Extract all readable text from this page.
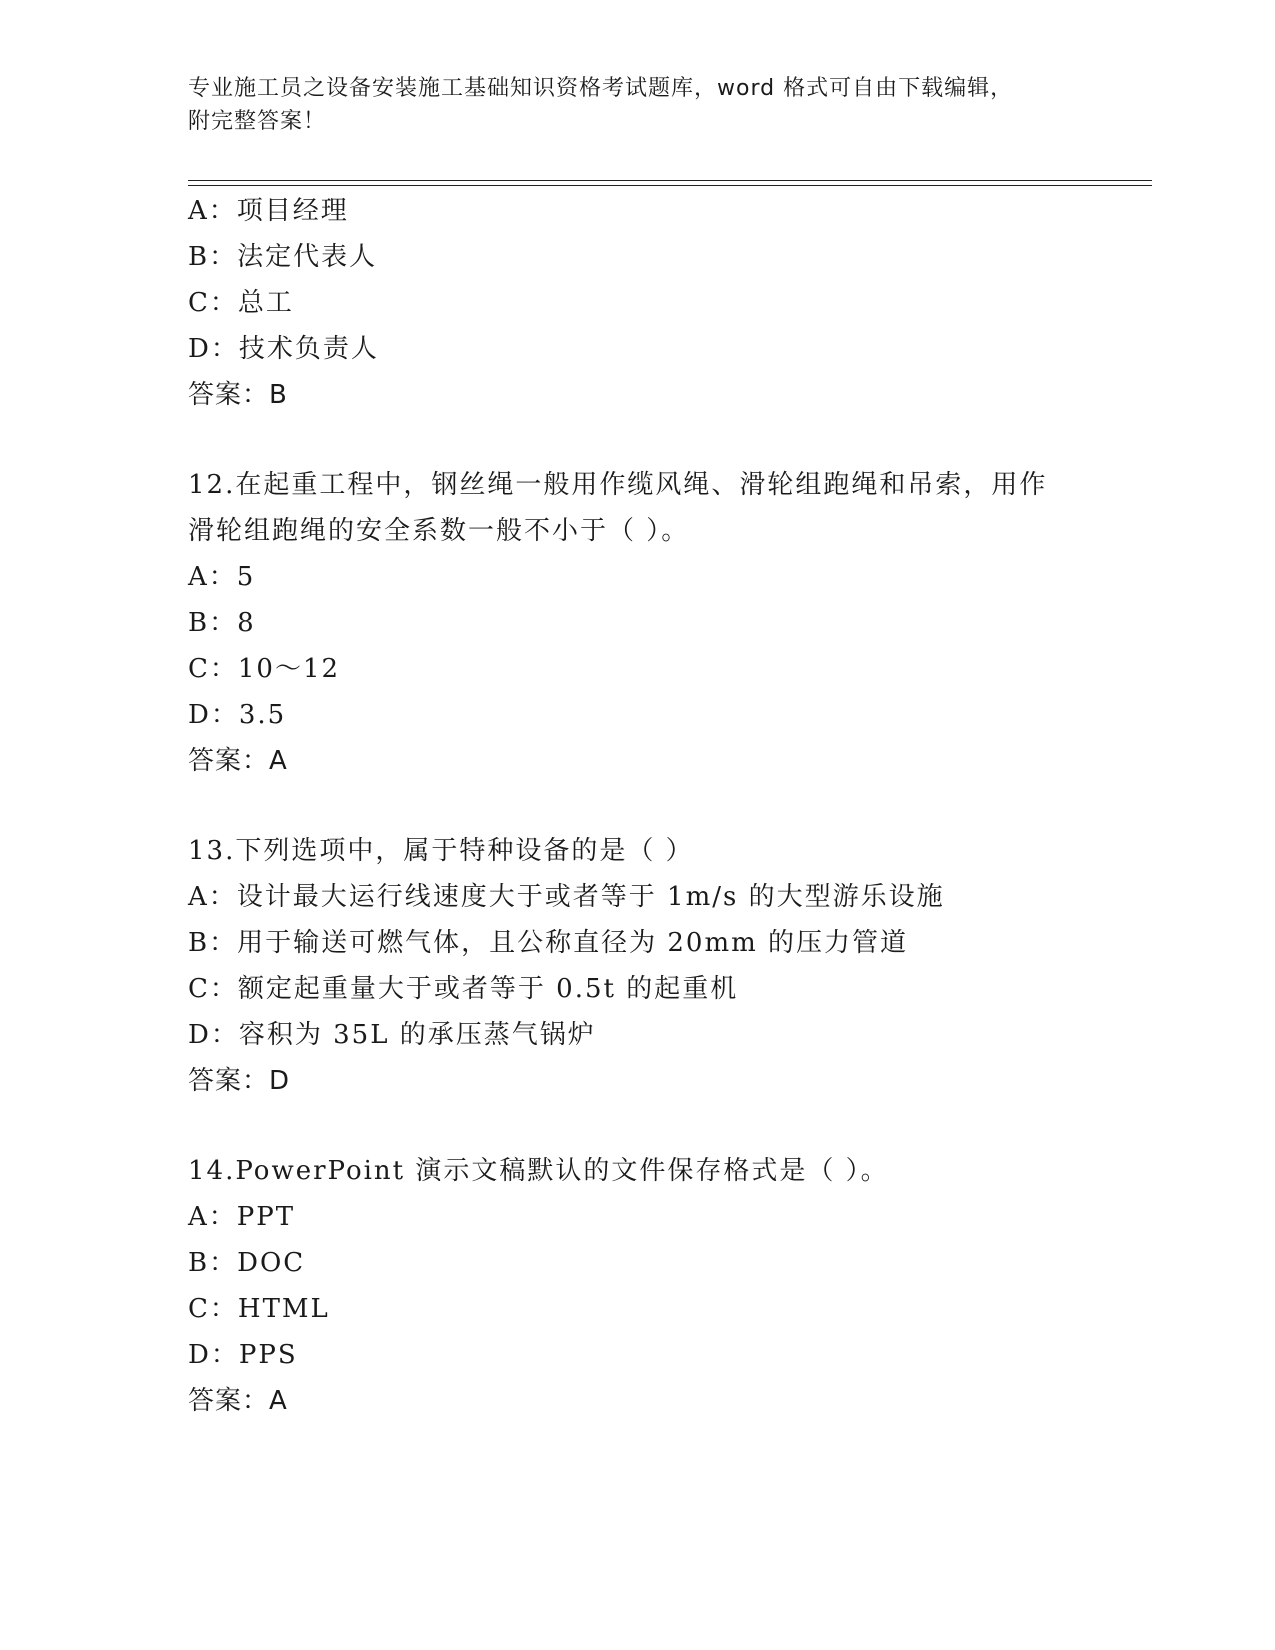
专业施工员之设备安装施工基础知识资格考试题库，word 格式可自由下载编辑，
附完整答案！
A：项目经理
B：法定代表人
C：总工
D：技术负责人
答案：B
12.在起重工程中，钢丝绳一般用作缆风绳、滑轮组跑绳和吊索，用作
滑轮组跑绳的安全系数一般不小于（ ）。
A：5
B：8
C：10～12
D：3.5
答案：A
13.下列选项中，属于特种设备的是（ ）
A：设计最大运行线速度大于或者等于 1m/s 的大型游乐设施
B：用于输送可燃气体，且公称直径为 20mm 的压力管道
C：额定起重量大于或者等于 0.5t 的起重机
D：容积为 35L 的承压蒸气锅炉
答案：D
14.PowerPoint 演示文稿默认的文件保存格式是（ ）。
A：PPT
B：DOC
C：HTML
D：PPS
答案：A
